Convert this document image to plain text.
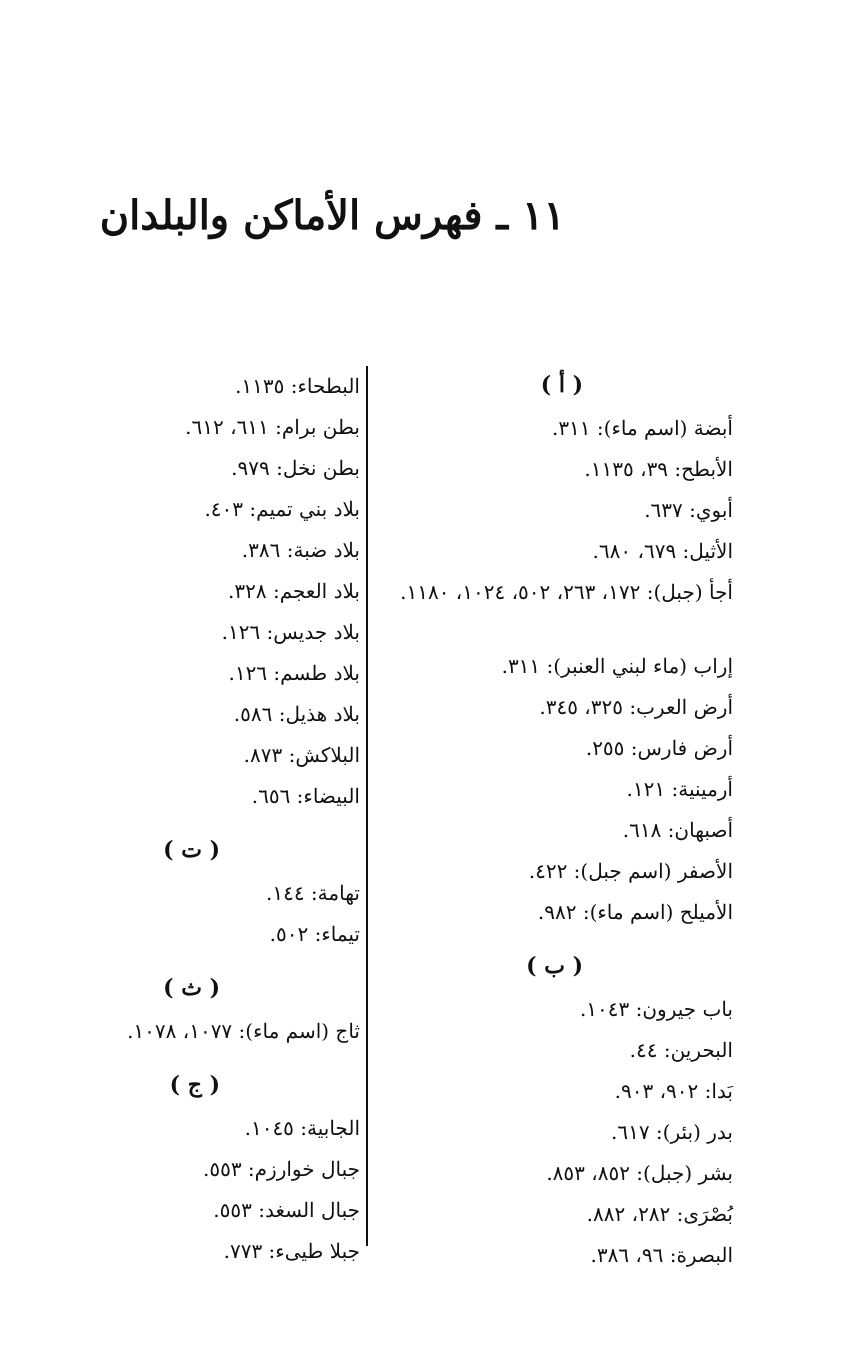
١١ ـ فهرس الأماكن والبلدان
( أ )
أبضة (اسم ماء): ٣١١.
الأبطح: ٣٩، ١١٣٥.
أبوي: ٦٣٧.
الأثيل: ٦٧٩، ٦٨٠.
أجأ (جبل): ١٧٢، ٢٦٣، ٥٠٢، ١٠٢٤، ١١٨٠.
إراب (ماء لبني العنبر): ٣١١.
أرض العرب: ٣٢٥، ٣٤٥.
أرض فارس: ٢٥٥.
أرمينية: ١٢١.
أصبهان: ٦١٨.
الأصفر (اسم جبل): ٤٢٢.
الأميلح (اسم ماء): ٩٨٢.
( ب )
باب جيرون: ١٠٤٣.
البحرين: ٤٤.
بَدا: ٩٠٢، ٩٠٣.
بدر (بئر): ٦١٧.
بشر (جبل): ٨٥٢، ٨٥٣.
بُصْرَى: ٢٨٢، ٨٨٢.
البصرة: ٩٦، ٣٨٦.
البطحاء: ١١٣٥.
بطن برام: ٦١١، ٦١٢.
بطن نخل: ٩٧٩.
بلاد بني تميم: ٤٠٣.
بلاد ضبة: ٣٨٦.
بلاد العجم: ٣٢٨.
بلاد جديس: ١٢٦.
بلاد طسم: ١٢٦.
بلاد هذيل: ٥٨٦.
البلاكش: ٨٧٣.
البيضاء: ٦٥٦.
( ت )
تهامة: ١٤٤.
تيماء: ٥٠٢.
( ث )
ثاج (اسم ماء): ١٠٧٧، ١٠٧٨.
( ج )
الجابية: ١٠٤٥.
جبال خوارزم: ٥٥٣.
جبال السغد: ٥٥٣.
جبلا طيىء: ٧٧٣.
